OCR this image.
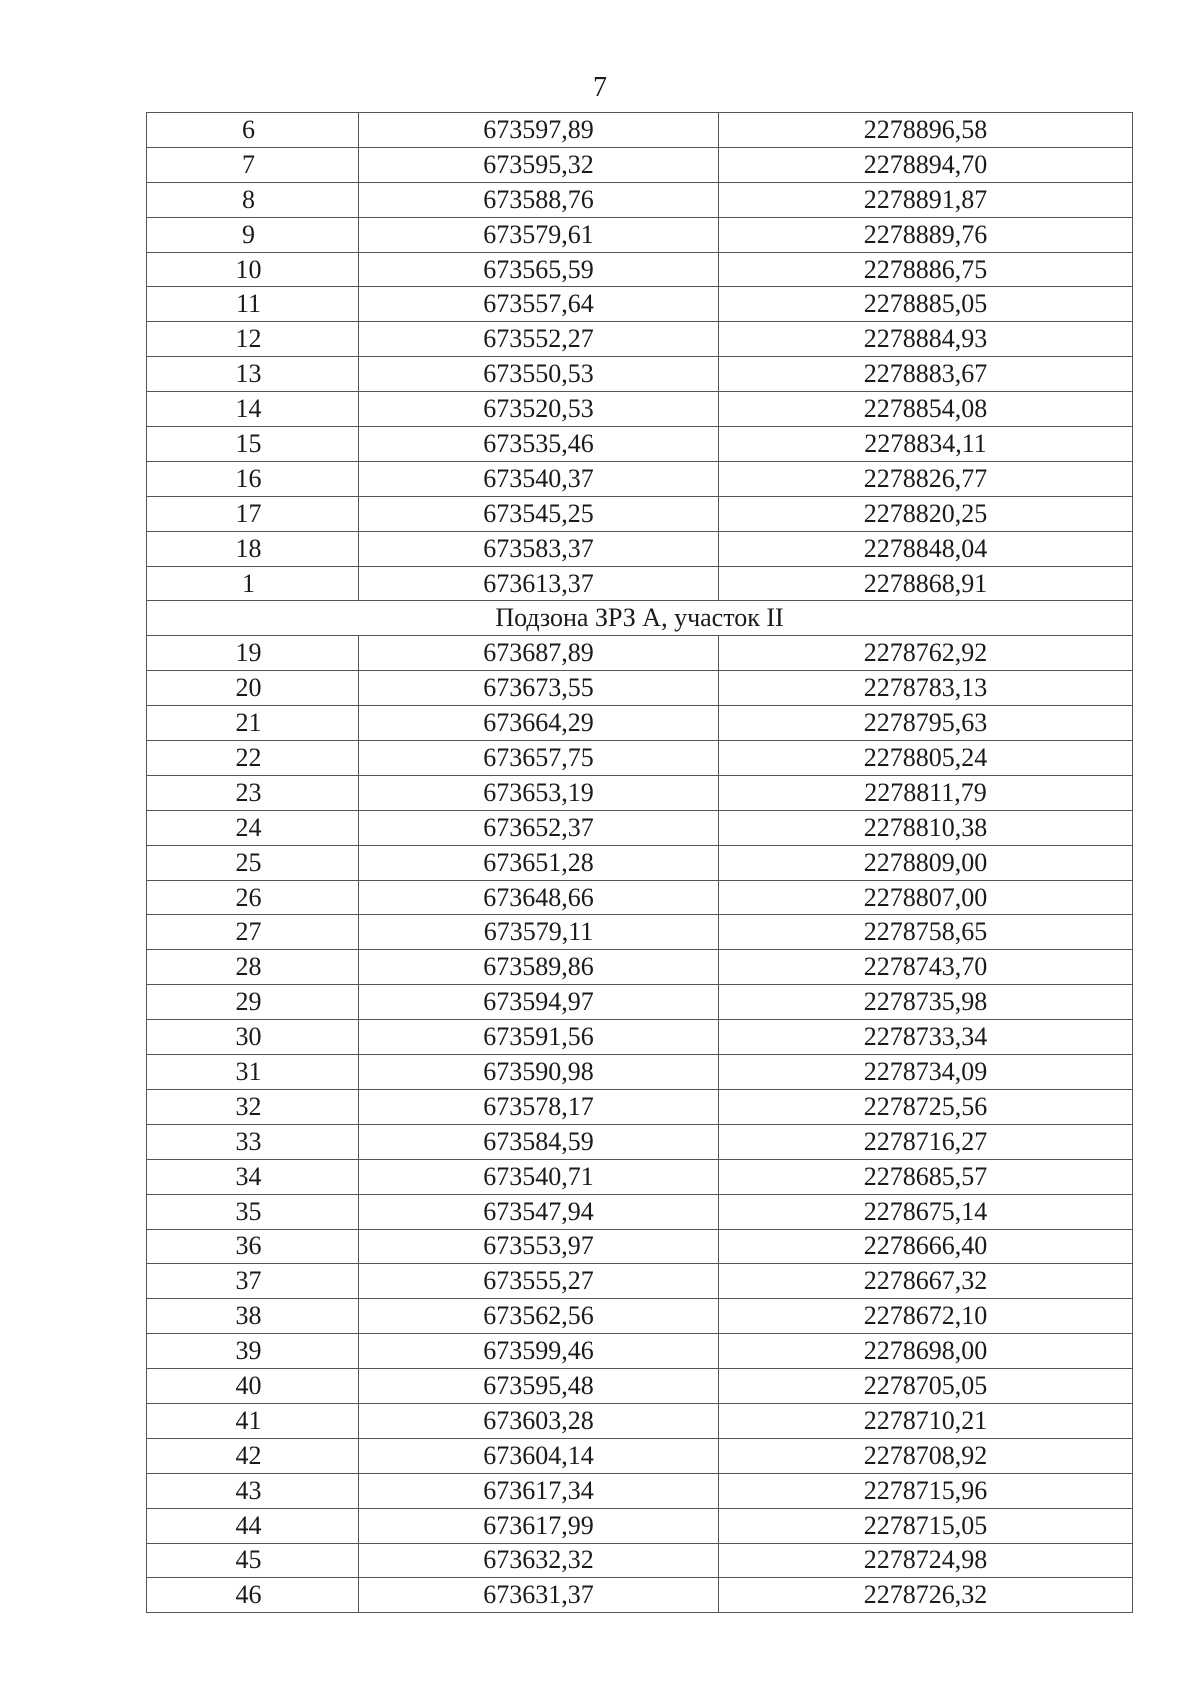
7
6	673597,89	2278896,58
7	673595,32	2278894,70
8	673588,76	2278891,87
9	673579,61	2278889,76
10	673565,59	2278886,75
11	673557,64	2278885,05
12	673552,27	2278884,93
13	673550,53	2278883,67
14	673520,53	2278854,08
15	673535,46	2278834,11
16	673540,37	2278826,77
17	673545,25	2278820,25
18	673583,37	2278848,04
1	673613,37	2278868,91
Подзона ЗРЗ А, участок II		
19	673687,89	2278762,92
20	673673,55	2278783,13
21	673664,29	2278795,63
22	673657,75	2278805,24
23	673653,19	2278811,79
24	673652,37	2278810,38
25	673651,28	2278809,00
26	673648,66	2278807,00
27	673579,11	2278758,65
28	673589,86	2278743,70
29	673594,97	2278735,98
30	673591,56	2278733,34
31	673590,98	2278734,09
32	673578,17	2278725,56
33	673584,59	2278716,27
34	673540,71	2278685,57
35	673547,94	2278675,14
36	673553,97	2278666,40
37	673555,27	2278667,32
38	673562,56	2278672,10
39	673599,46	2278698,00
40	673595,48	2278705,05
41	673603,28	2278710,21
42	673604,14	2278708,92
43	673617,34	2278715,96
44	673617,99	2278715,05
45	673632,32	2278724,98
46	673631,37	2278726,32
